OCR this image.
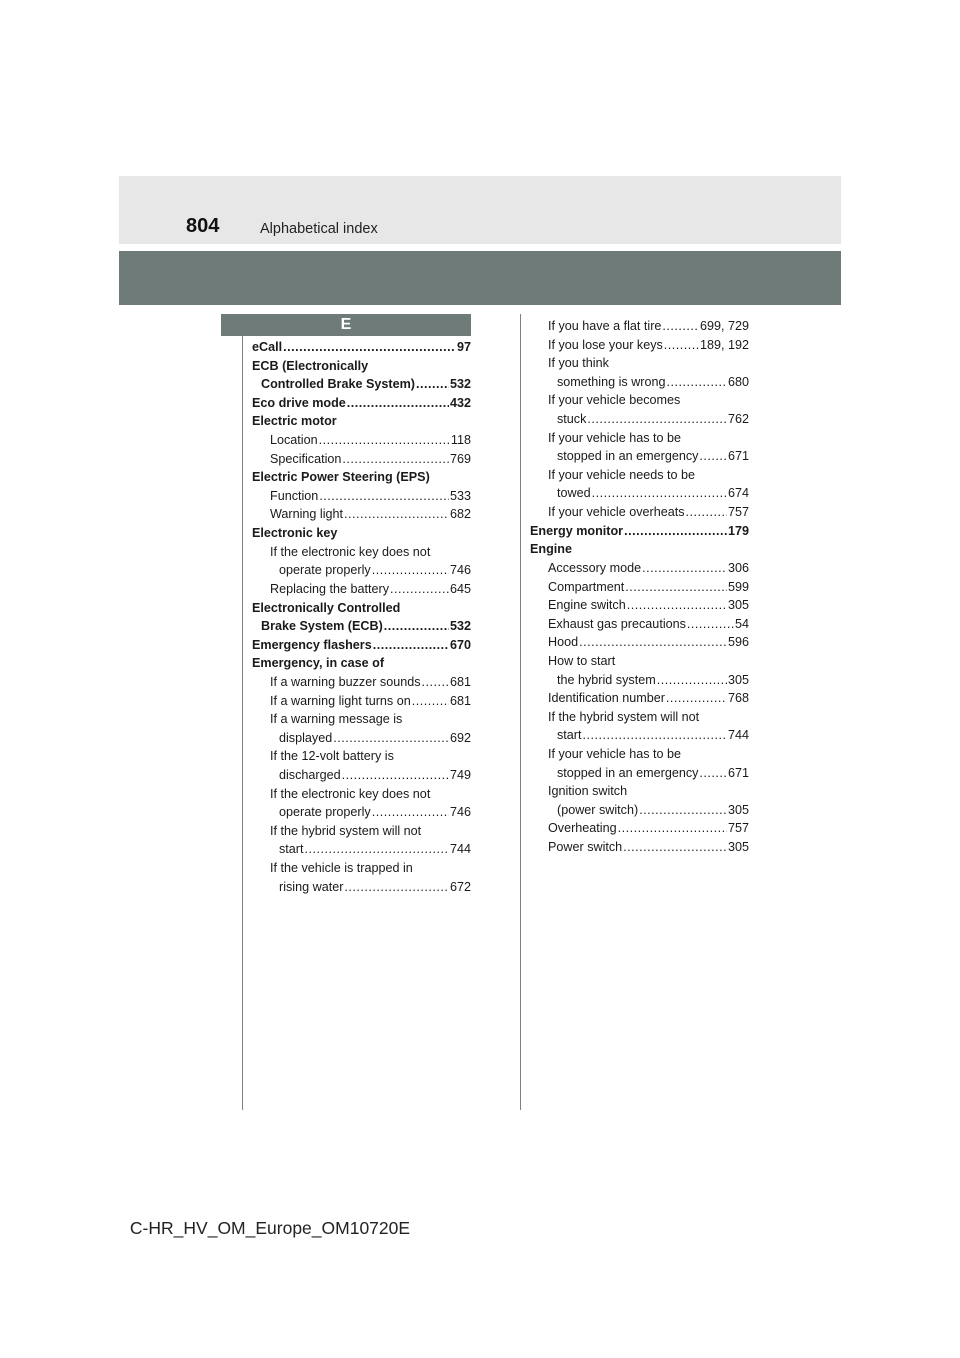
804	Alphabetical index
E
eCall .....	97
ECB (Electronically
Controlled Brake System) .....	532
Eco drive mode .....	432
Electric motor
Location .....	118
Specification .....	769
Electric Power Steering (EPS)
Function .....	533
Warning light .....	682
Electronic key
If the electronic key does not
operate properly .....	746
Replacing the battery .....	645
Electronically Controlled
Brake System (ECB) .....	532
Emergency flashers .....	670
Emergency, in case of
If a warning buzzer sounds ..... 681
If a warning light turns on .....	681
If a warning message is
displayed .....	692
If the 12-volt battery is
discharged .....	749
If the electronic key does not
operate properly .....	746
If the hybrid system will not
start .....	744
If the vehicle is trapped in
rising water .....	672
If you have a flat tire .....	699, 729
If you lose your keys .....	189, 192
If you think
something is wrong .....	680
If your vehicle becomes
stuck .....	762
If your vehicle has to be
stopped in an emergency ..... 671
If your vehicle needs to be
towed .....	674
If your vehicle overheats .....	757
Energy monitor .....	179
Engine
Accessory mode .....	306
Compartment .....	599
Engine switch .....	305
Exhaust gas precautions .....	54
Hood .....	596
How to start
the hybrid system .....	305
Identification number .....	768
If the hybrid system will not
start .....	744
If your vehicle has to be
stopped in an emergency ..... 671
Ignition switch
(power switch) .....	305
Overheating .....	757
Power switch .....	305
C-HR_HV_OM_Europe_OM10720E
